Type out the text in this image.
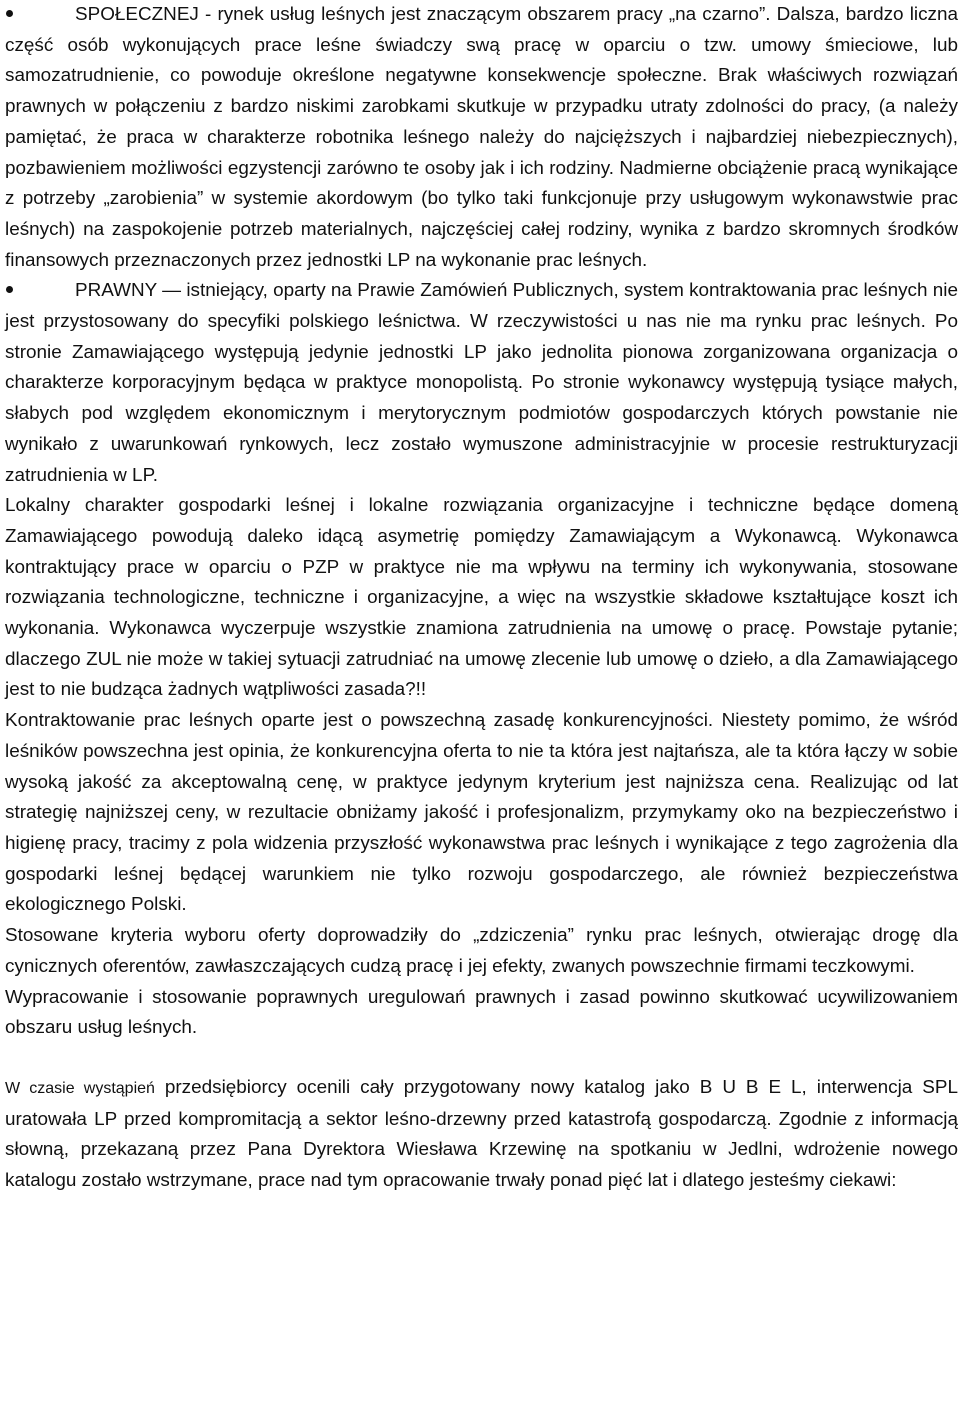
SPOŁECZNEJ - rynek usług leśnych jest znaczącym obszarem pracy „na czarno”. Dalsza, bardzo liczna część osób wykonujących prace leśne świadczy swą pracę w oparciu o tzw. umowy śmieciowe, lub samozatrudnienie, co powoduje określone negatywne konsekwencje społeczne. Brak właściwych rozwiązań prawnych w połączeniu z bardzo niskimi zarobkami skutkuje w przypadku utraty zdolności do pracy, (a należy pamiętać, że praca w charakterze robotnika leśnego należy do najcięższych i najbardziej niebezpiecznych), pozbawieniem możliwości egzystencji zarówno te osoby jak i ich rodziny. Nadmierne obciążenie pracą wynikające z potrzeby „zarobienia” w systemie akordowym (bo tylko taki funkcjonuje przy usługowym wykonawstwie prac leśnych) na zaspokojenie potrzeb materialnych, najczęściej całej rodziny, wynika z bardzo skromnych środków finansowych przeznaczonych przez jednostki LP na wykonanie prac leśnych.

PRAWNY — istniejący, oparty na Prawie Zamówień Publicznych, system kontraktowania prac leśnych nie jest przystosowany do specyfiki polskiego leśnictwa. W rzeczywistości u nas nie ma rynku prac leśnych. Po stronie Zamawiającego występują jedynie jednostki LP jako jednolita pionowa zorganizowana organizacja o charakterze korporacyjnym będąca w praktyce monopolistą. Po stronie wykonawcy występują tysiące małych, słabych pod względem ekonomicznym i merytorycznym podmiotów gospodarczych których powstanie nie wynikało z uwarunkowań rynkowych, lecz zostało wymuszone administracyjnie w procesie restrukturyzacji zatrudnienia w LP.

Lokalny charakter gospodarki leśnej i lokalne rozwiązania organizacyjne i techniczne będące domeną Zamawiającego powodują daleko idącą asymetrię pomiędzy Zamawiającym a Wykonawcą. Wykonawca kontraktujący prace w oparciu o PZP w praktyce nie ma wpływu na terminy ich wykonywania, stosowane rozwiązania technologiczne, techniczne i organizacyjne, a więc na wszystkie składowe kształtujące koszt ich wykonania. Wykonawca wyczerpuje wszystkie znamiona zatrudnienia na umowę o pracę. Powstaje pytanie; dlaczego ZUL nie może w takiej sytuacji zatrudniać na umowę zlecenie lub umowę o dzieło, a dla Zamawiającego jest to nie budząca żadnych wątpliwości zasada?!!

Kontraktowanie prac leśnych oparte jest o powszechną zasadę konkurencyjności. Niestety pomimo, że wśród leśników powszechna jest opinia, że konkurencyjna oferta to nie ta która jest najtańsza, ale ta która łączy w sobie wysoką jakość za akceptowalną cenę, w praktyce jedynym kryterium jest najniższa cena. Realizując od lat strategię najniższej ceny, w rezultacie obniżamy jakość i profesjonalizm, przymykamy oko na bezpieczeństwo i higienę pracy, tracimy z pola widzenia przyszłość wykonawstwa prac leśnych i wynikające z tego zagrożenia dla gospodarki leśnej będącej warunkiem nie tylko rozwoju gospodarczego, ale również bezpieczeństwa ekologicznego Polski.

Stosowane kryteria wyboru oferty doprowadziły do „zdziczenia” rynku prac leśnych, otwierając drogę dla cynicznych oferentów, zawłaszczających cudzą pracę i jej efekty, zwanych powszechnie firmami teczkowymi.

Wypracowanie i stosowanie poprawnych uregulowań prawnych i zasad powinno skutkować ucywilizowaniem obszaru usług leśnych.

W czasie wystąpień przedsiębiorcy ocenili cały przygotowany nowy katalog jako B U B E L, interwencja SPL uratowała LP przed kompromitacją a sektor leśno-drzewny przed katastrofą gospodarczą. Zgodnie z informacją słowną, przekazaną przez Pana Dyrektora Wiesława Krzewinę na spotkaniu w Jedlni, wdrożenie nowego katalogu zostało wstrzymane, prace nad tym opracowanie trwały ponad pięć lat i dlatego jesteśmy ciekawi:
